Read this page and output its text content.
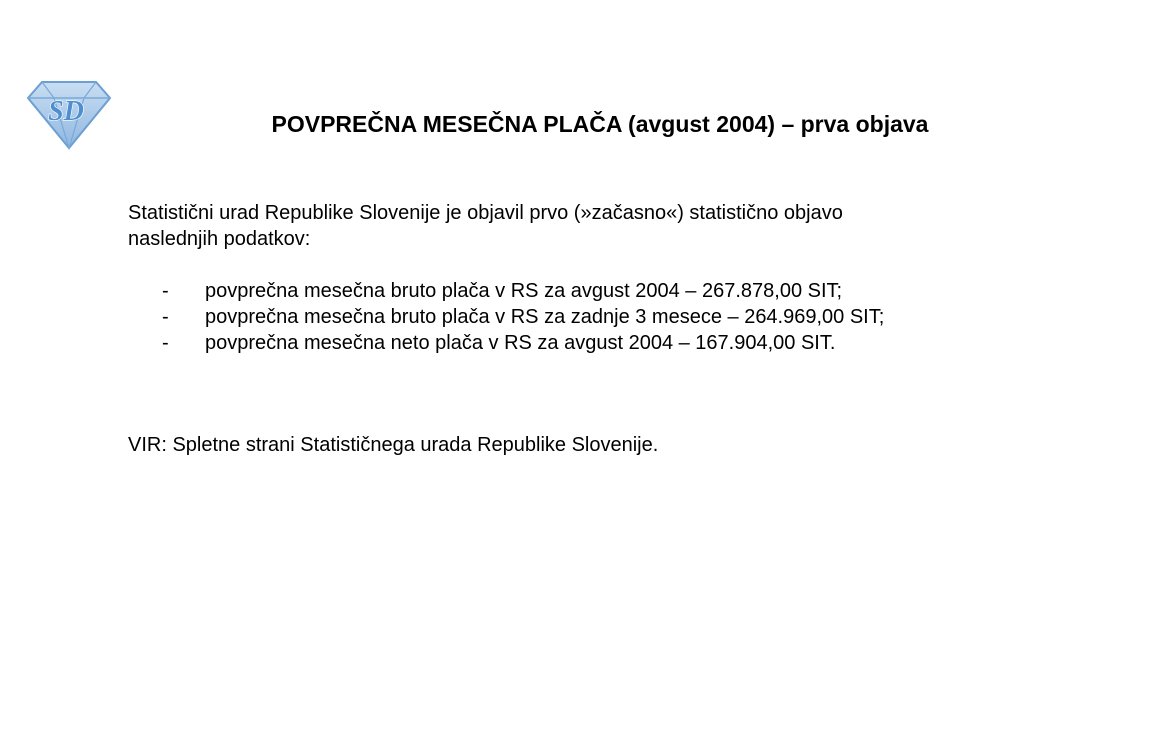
SD	POVPREČNA MESEČNA PLAČA (avgust 2004) – prva objava
Statistični urad Republike Slovenije je objavil prvo (»začasno«) statistično objavo
naslednjih podatkov:
- povprečna mesečna bruto plača v RS za avgust 2004 – 267.878,00 SIT;
- povprečna mesečna bruto plača v RS za zadnje 3 mesece – 264.969,00 SIT;
- povprečna mesečna neto plača v RS za avgust 2004 – 167.904,00 SIT.
VIR: Spletne strani Statističnega urada Republike Slovenije.
